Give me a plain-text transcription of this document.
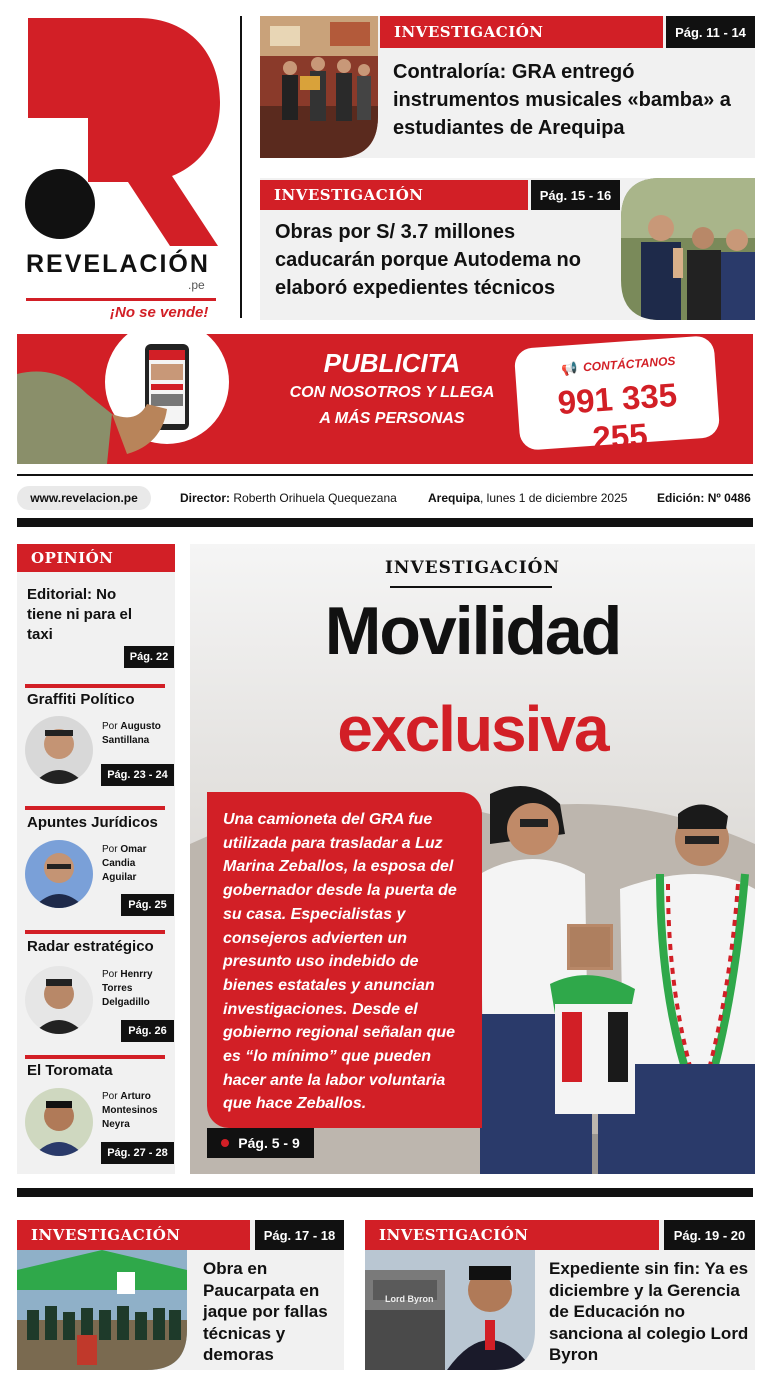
REVELACIÓN
.pe
¡No se vende!
INVESTIGACIÓN	Pág. 11 - 14
Contraloría: GRA entregó instrumentos musicales «bamba» a estudiantes de Arequipa
INVESTIGACIÓN	Pág. 15 - 16
Obras por S/ 3.7 millones caducarán porque Autodema no elaboró expedientes técnicos
PUBLICITA
CON NOSOTROS Y LLEGA
A MÁS PERSONAS
📢 CONTÁCTANOS
991 335 255
www.revelacion.pe	Director: Roberth Orihuela Quequezana	Arequipa, lunes 1 de diciembre 2025 Edición: Nº 0486
OPINIÓN
Editorial: No tiene ni para el taxi
Pág. 22
Graffiti Político
Por Augusto
Santillana
Pág. 23 - 24
Apuntes Jurídicos
Por Omar
Candia
Aguilar
Pág. 25
Radar estratégico
Por Henrry
Torres
Delgadillo
Pág. 26
El Toromata
Por Arturo
Montesinos
Neyra
Pág. 27 - 28
INVESTIGACIÓN
Movilidad
exclusiva
Una camioneta del GRA fue utilizada para trasladar a Luz Marina Zeballos, la esposa del gobernador desde la puerta de su casa. Especialistas y consejeros advierten un presunto uso indebido de bienes estatales y anuncian investigaciones. Desde el gobierno regional señalan que es “lo mínimo” que pueden hacer ante la labor voluntaria que hace Zeballos.
Pág. 5 - 9
INVESTIGACIÓN	Pág. 17 - 18
Obra en Paucarpata en jaque por fallas técnicas y demoras
INVESTIGACIÓN	Pág. 19 - 20
Lord Byron
Expediente sin fin: Ya es diciembre y la Gerencia de Educación no sanciona al colegio Lord Byron
